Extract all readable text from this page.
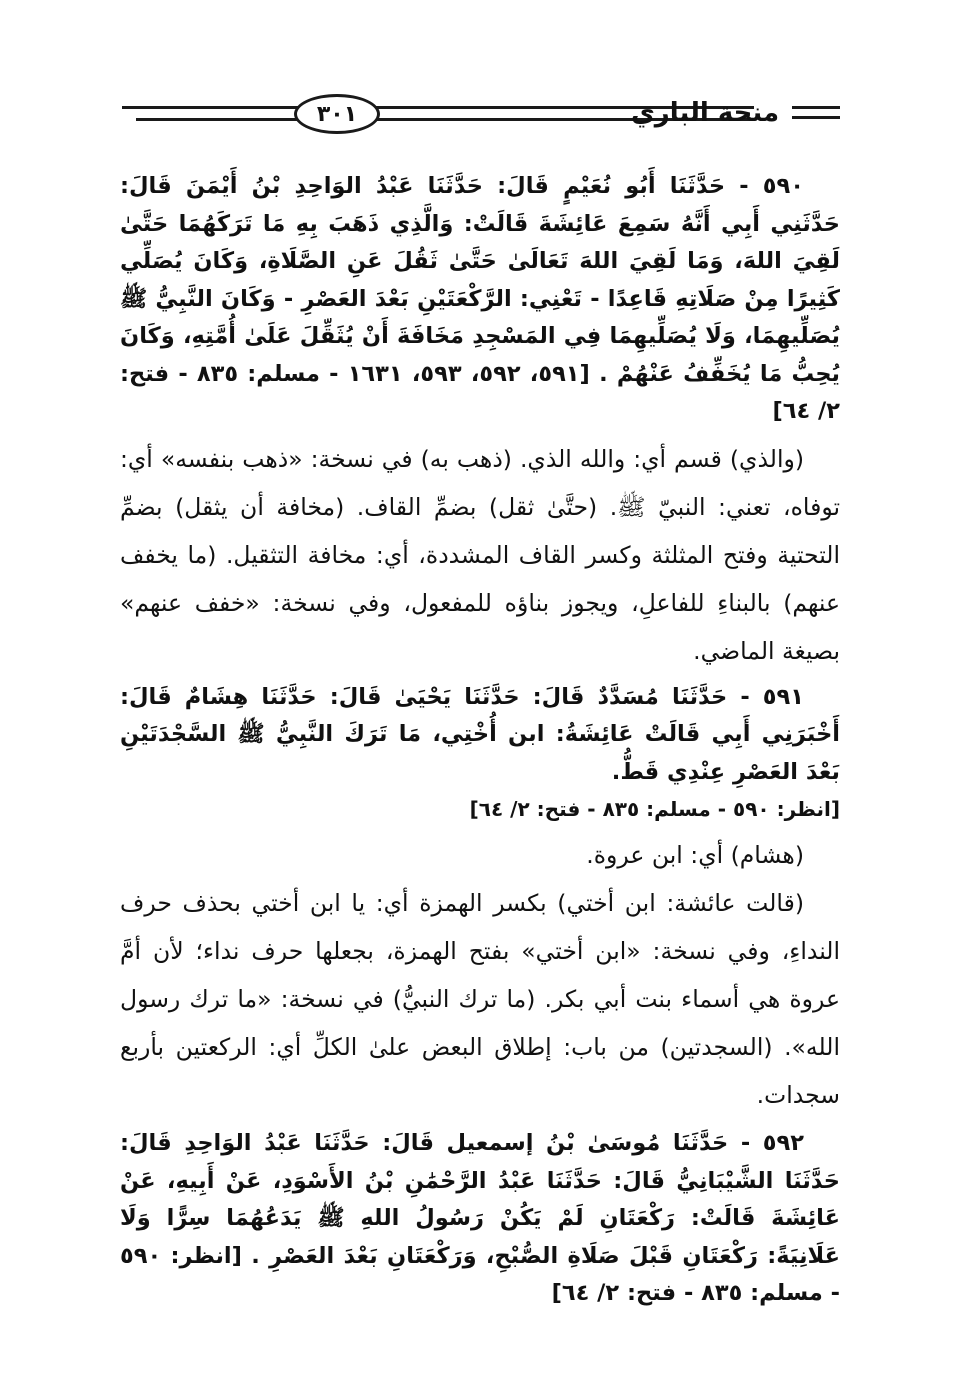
٣٠١	منحة الباري

٥٩٠ - حَدَّثَنَا أَبُو نُعَيْمٍ قَالَ: حَدَّثَنَا عَبْدُ الوَاحِدِ بْنُ أَيْمَنَ قَالَ: حَدَّثَنِي أَبِي أَنَّهُ سَمِعَ عَائِشَةَ قَالَتْ: وَالَّذِي ذَهَبَ بِهِ مَا تَرَكَهُمَا حَتَّىٰ لَقِيَ اللهَ، وَمَا لَقِيَ اللهَ تَعَالَىٰ حَتَّىٰ ثَقُلَ عَنِ الصَّلَاةِ، وَكَانَ يُصَلِّي كَثِيرًا مِنْ صَلَاتِهِ قَاعِدًا - تَعْنِي: الرَّكْعَتَيْنِ بَعْدَ العَصْرِ - وَكَانَ النَّبِيُّ ﷺ يُصَلِّيهِمَا، وَلَا يُصَلِّيهِمَا فِي المَسْجِدِ مَخَافَةَ أَنْ يُثَقِّلَ عَلَىٰ أُمَّتِهِ، وَكَانَ يُحِبُّ مَا يُخَفِّفُ عَنْهُمْ . [٥٩١، ٥٩٢، ٥٩٣، ١٦٣١ - مسلم: ٨٣٥ - فتح: ٢/ ٦٤]

(والذي) قسم أي: والله الذي. (ذهب به) في نسخة: «ذهب بنفسه» أي: توفاه، تعني: النبيّ ﷺ. (حتَّىٰ ثقل) بضمِّ القاف. (مخافة أن يثقل) بضمِّ التحتية وفتح المثلثة وكسر القاف المشددة، أي: مخافة التثقيل. (ما يخفف عنهم) بالبناءِ للفاعلِ، ويجوز بناؤه للمفعول، وفي نسخة: «خفف عنهم» بصيغة الماضي.

٥٩١ - حَدَّثَنَا مُسَدَّدٌ قَالَ: حَدَّثَنَا يَحْيَىٰ قَالَ: حَدَّثَنَا هِشَامٌ قَالَ: أَخْبَرَنِي أَبِي قَالَتْ عَائِشَةُ: ابن أُخْتِي، مَا تَرَكَ النَّبِيُّ ﷺ السَّجْدَتَيْنِ بَعْدَ العَصْرِ عِنْدِي قَطُّ.

[انظر: ٥٩٠ - مسلم: ٨٣٥ - فتح: ٢/ ٦٤]

(هشام) أي: ابن عروة.

(قالت عائشة: ابن أختي) بكسر الهمزة أي: يا ابن أختي بحذف حرف النداءِ، وفي نسخة: «ابن أختي» بفتح الهمزة، بجعلها حرف نداء؛ لأن أمَّ عروة هي أسماء بنت أبي بكر. (ما ترك النبيُّ) في نسخة: «ما ترك رسول الله». (السجدتين) من باب: إطلاق البعض علىٰ الكلِّ أي: الركعتين بأربع سجدات.

٥٩٢ - حَدَّثَنَا مُوسَىٰ بْنُ إسمعيل قَالَ: حَدَّثَنَا عَبْدُ الوَاحِدِ قَالَ: حَدَّثَنَا الشَّيْبَانِيُّ قَالَ: حَدَّثَنَا عَبْدُ الرَّحْمَٰنِ بْنُ الأَسْوَدِ، عَنْ أَبِيهِ، عَنْ عَائِشَةَ قَالَتْ: رَكْعَتَانِ لَمْ يَكُنْ رَسُولُ اللهِ ﷺ يَدَعُهُمَا سِرًّا وَلَا عَلَانِيَةً: رَكْعَتَانِ قَبْلَ صَلَاةِ الصُّبْحِ، وَرَكْعَتَانِ بَعْدَ العَصْرِ . [انظر: ٥٩٠ - مسلم: ٨٣٥ - فتح: ٢/ ٦٤]
